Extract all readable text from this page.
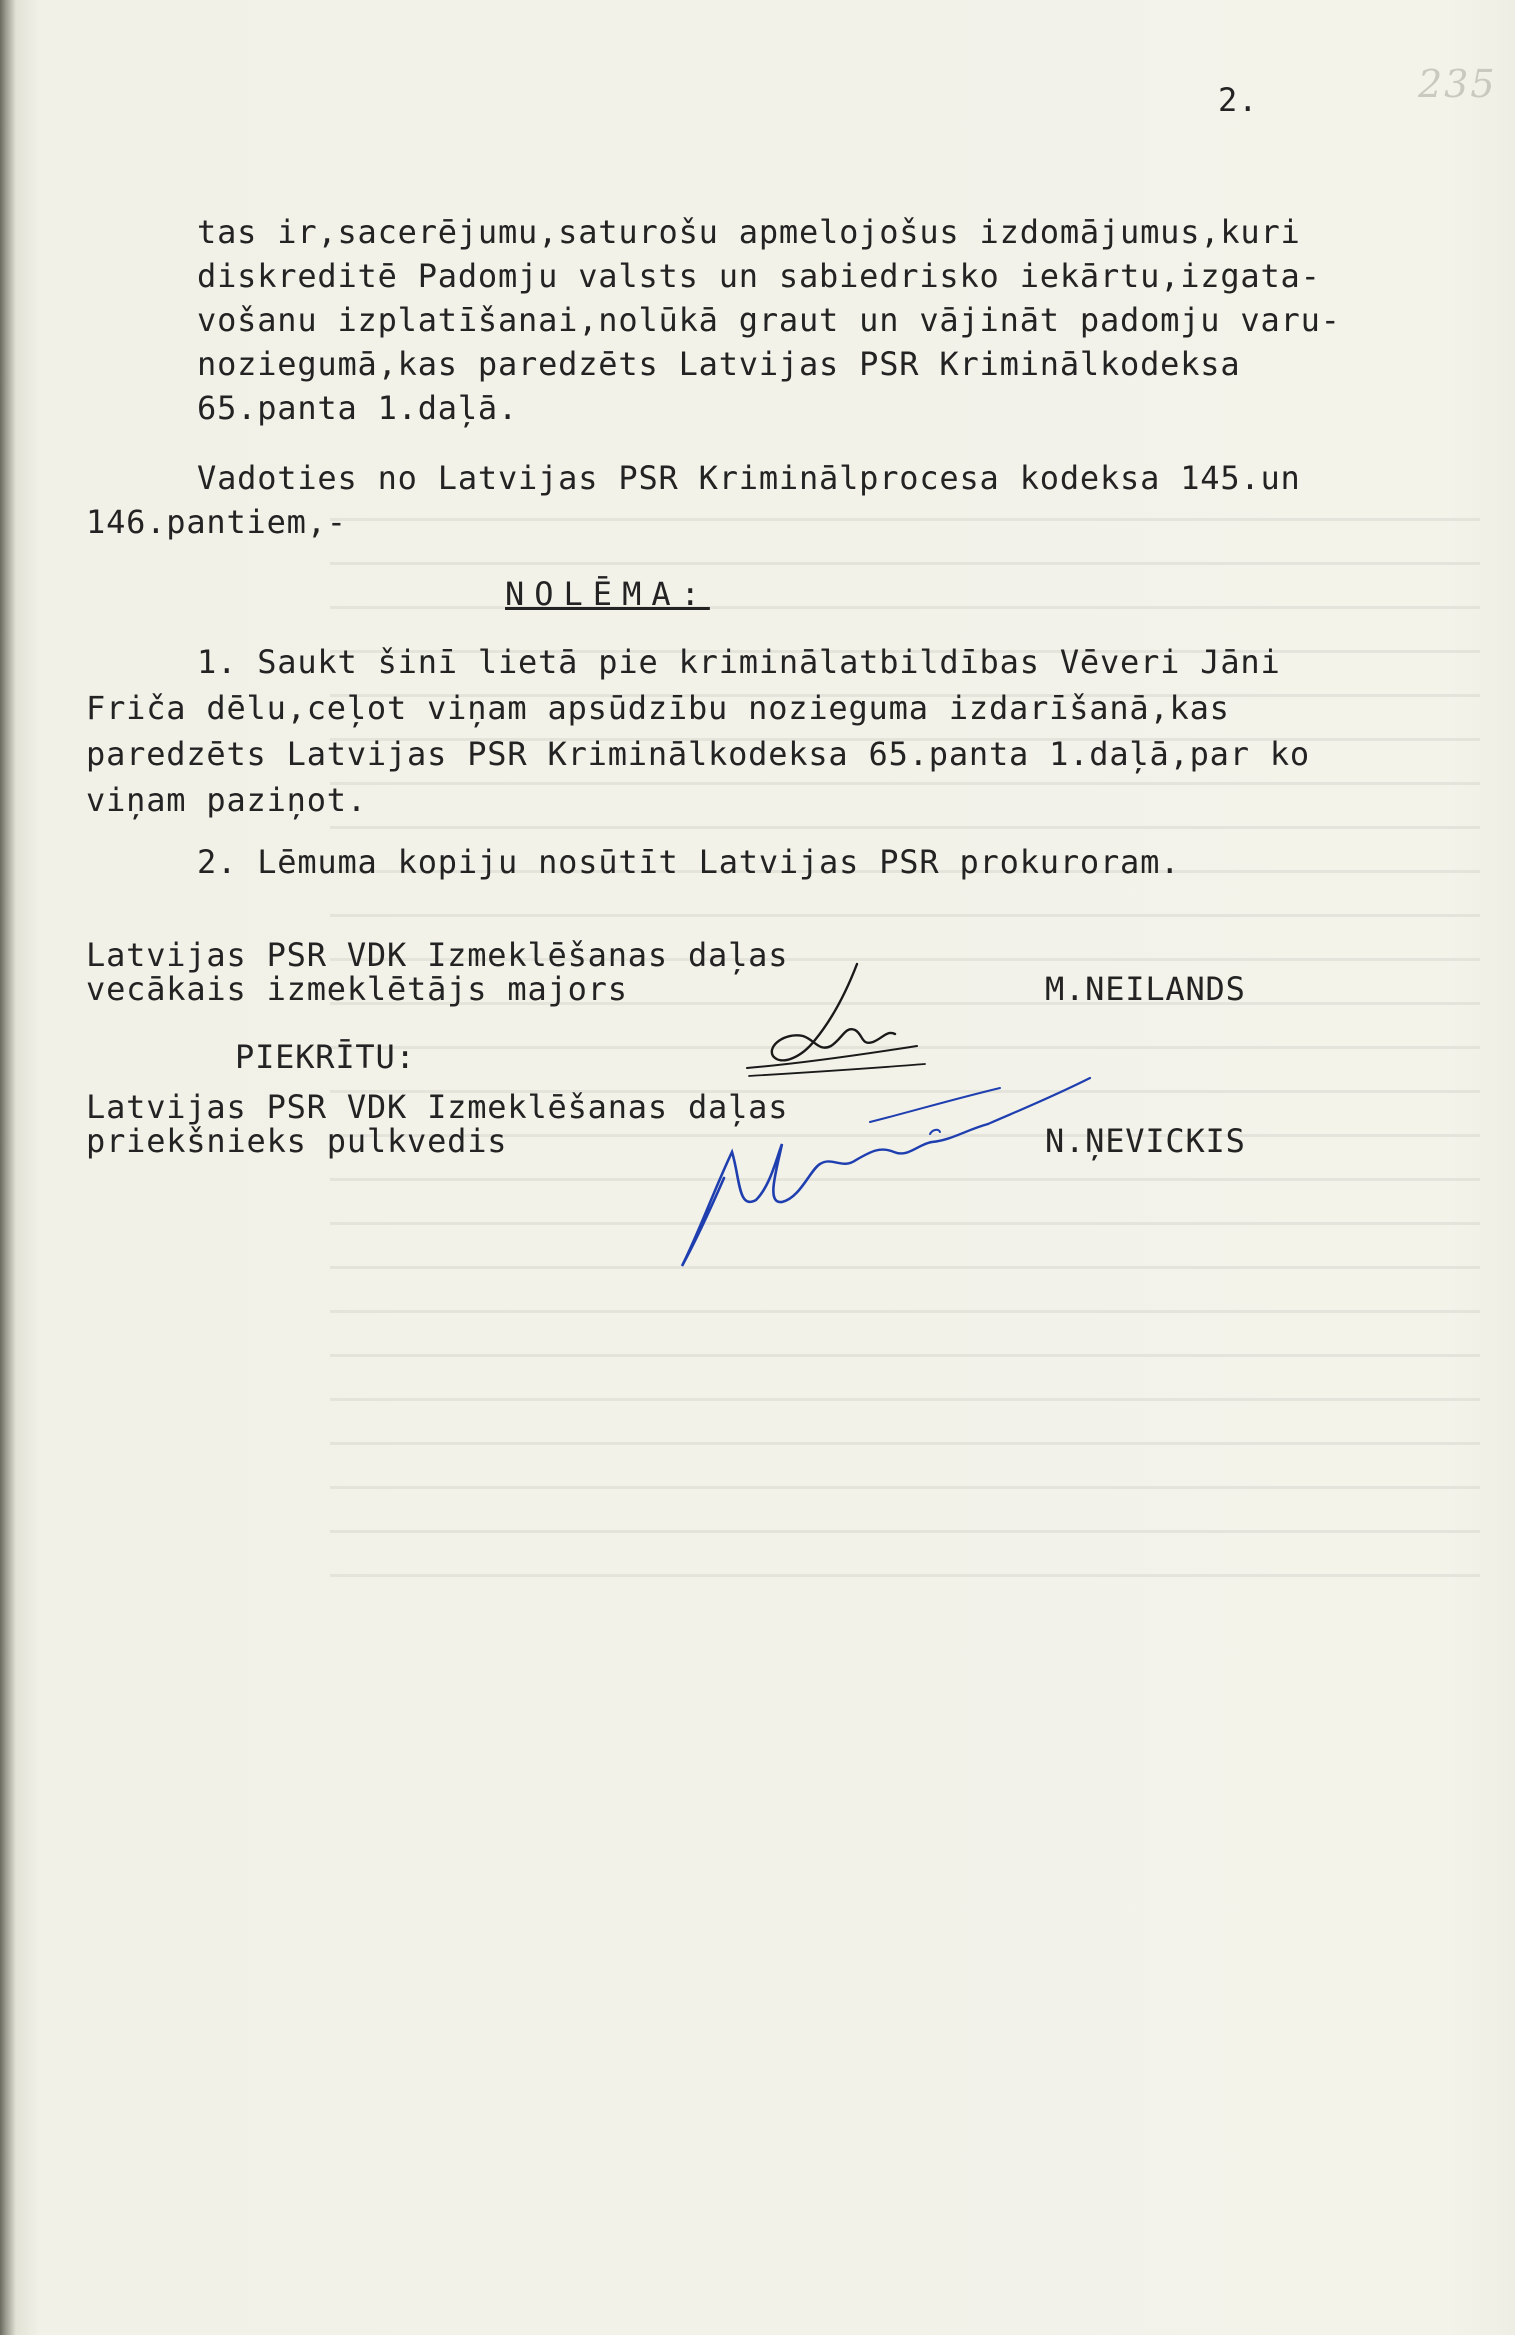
2.	235
tas ir,sacerējumu,saturošu apmelojošus izdomājumus,kuri
diskreditē Padomju valsts un sabiedrisko iekārtu,izgata-
vošanu izplatīšanai,nolūkā graut un vājināt padomju varu-
noziegumā,kas paredzēts Latvijas PSR Kriminālkodeksa
65.panta 1.daļā.
Vadoties no Latvijas PSR Kriminālprocesa kodeksa 145.un
146.pantiem,-
NOLĒMA:
1. Saukt šinī lietā pie kriminālatbildības Vēveri Jāni
Friča dēlu,ceļot viņam apsūdzību nozieguma izdarīšanā,kas
paredzēts Latvijas PSR Kriminālkodeksa 65.panta 1.daļā,par ko
viņam paziņot.
2. Lēmuma kopiju nosūtīt Latvijas PSR prokuroram.
Latvijas PSR VDK Izmeklēšanas daļas
vecākais izmeklētājs majors	M.NEILANDS
PIEKRĪTU:
Latvijas PSR VDK Izmeklēšanas daļas
priekšnieks pulkvedis	N.ŅEVICKIS
